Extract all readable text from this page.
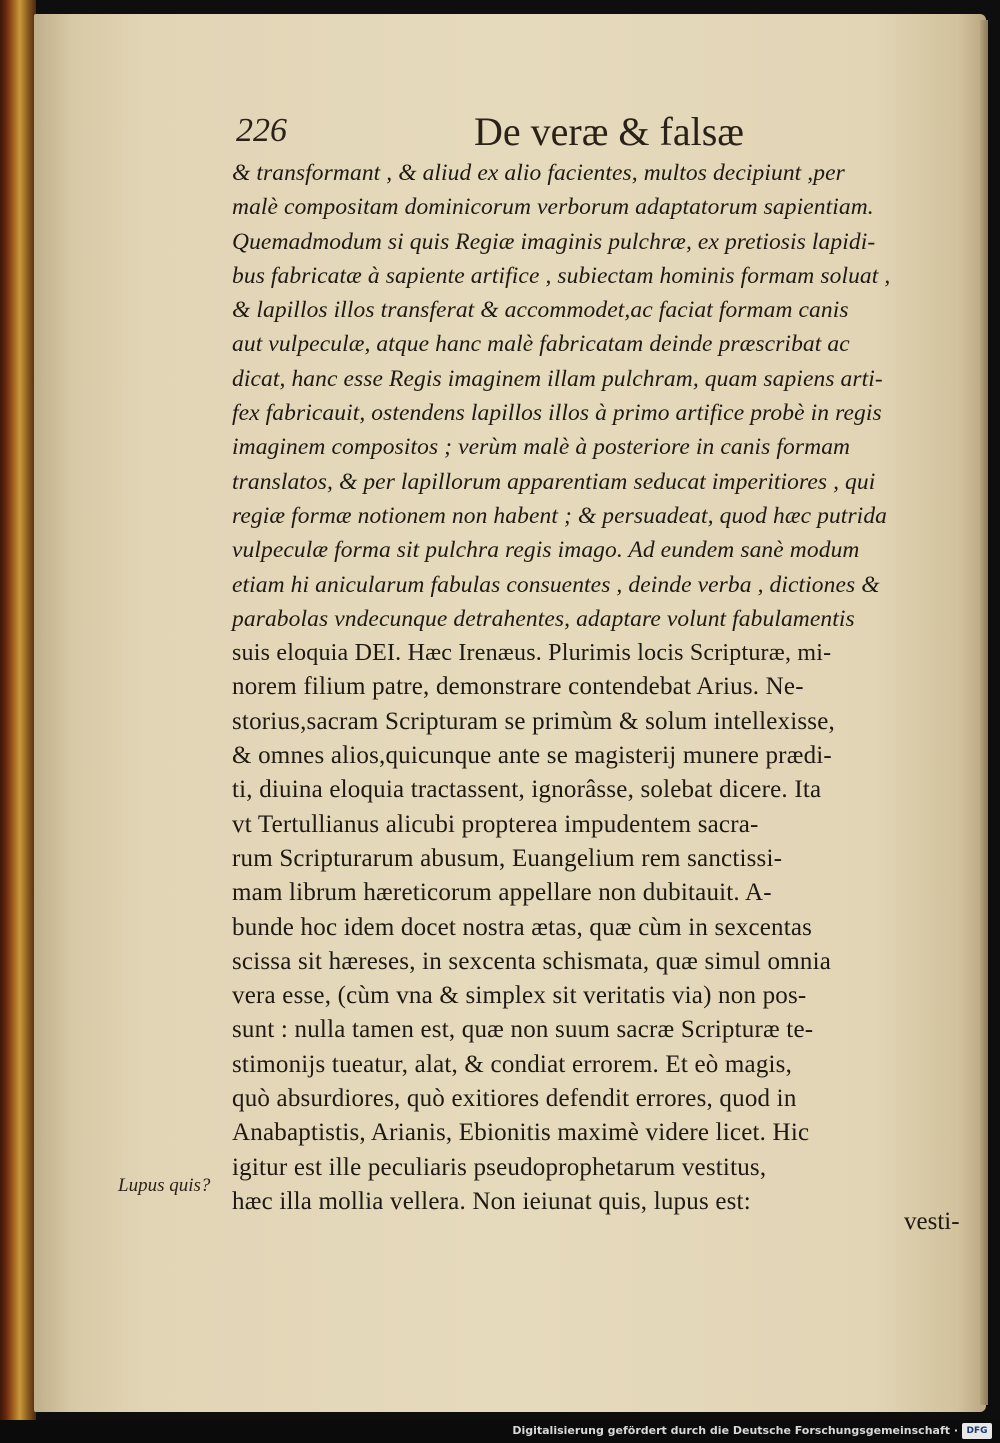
226	De veræ & falsæ
& transformant , & aliud ex alio facientes, multos decipiunt ,per
malè compositam dominicorum verborum adaptatorum sapientiam.
Quemadmodum si quis Regiæ imaginis pulchræ, ex pretiosis lapidi-
bus fabricatæ à sapiente artifice , subiectam hominis formam soluat ,
& lapillos illos transferat & accommodet,ac faciat formam canis
aut vulpeculæ, atque hanc malè fabricatam deinde præscribat ac
dicat, hanc esse Regis imaginem illam pulchram, quam sapiens arti-
fex fabricauit, ostendens lapillos illos à primo artifice probè in regis
imaginem compositos ; verùm malè à posteriore in canis formam
translatos, & per lapillorum apparentiam seducat imperitiores , qui
regiæ formæ notionem non habent ; & persuadeat, quod hæc putrida
vulpeculæ forma sit pulchra regis imago. Ad eundem sanè modum
etiam hi anicularum fabulas consuentes , deinde verba , dictiones &
parabolas vndecunque detrahentes, adaptare volunt fabulamentis
suis eloquia DEI. Hæc Irenæus. Plurimis locis Scripturæ, mi-
norem filium patre, demonstrare contendebat Arius. Ne-
storius,sacram Scripturam se primùm & solum intellexisse,
& omnes alios,quicunque ante se magisterij munere prædi-
ti, diuina eloquia tractassent, ignorâsse, solebat dicere. Ita
vt Tertullianus alicubi propterea impudentem sacra-
rum Scripturarum abusum, Euangelium rem sanctissi-
mam librum hæreticorum appellare non dubitauit. A-
bunde hoc idem docet nostra ætas, quæ cùm in sexcentas
scissa sit hæreses, in sexcenta schismata, quæ simul omnia
vera esse, (cùm vna & simplex sit veritatis via) non pos-
sunt : nulla tamen est, quæ non suum sacræ Scripturæ te-
stimonijs tueatur, alat, & condiat errorem. Et eò magis,
quò absurdiores, quò exitiores defendit errores, quod in
Anabaptistis, Arianis, Ebionitis maximè videre licet. Hic
igitur est ille peculiaris pseudoprophetarum vestitus,
hæc illa mollia vellera. Non ieiunat quis, lupus est:
Lupus quis?
vesti-
Digitalisierung gefördert durch die Deutsche Forschungsgemeinschaft · DFG
